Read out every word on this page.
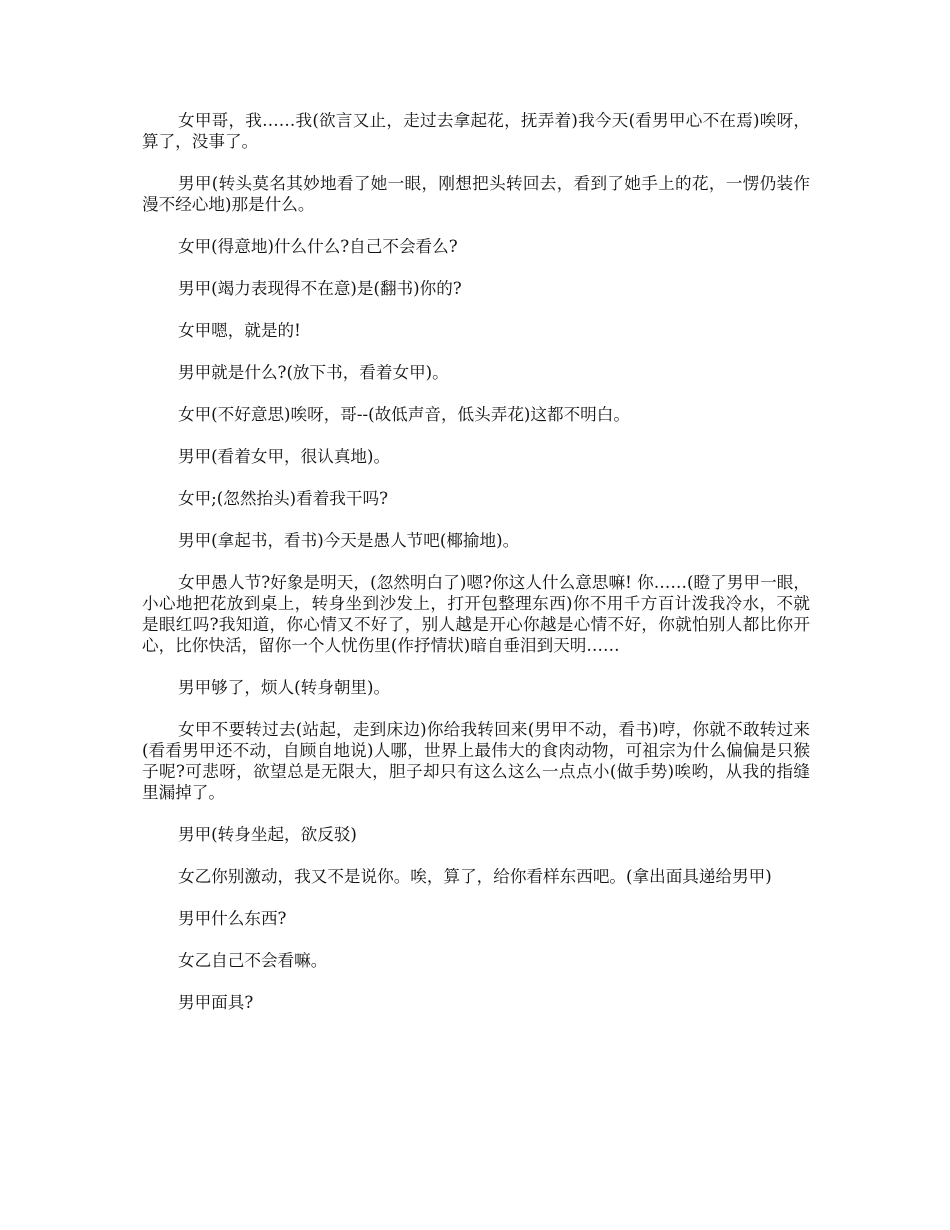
女甲哥，我……我(欲言又止，走过去拿起花，抚弄着)我今天(看男甲心不在焉)唉呀，算了，没事了。

男甲(转头莫名其妙地看了她一眼，刚想把头转回去，看到了她手上的花，一愣仍装作漫不经心地)那是什么。

女甲(得意地)什么什么?自己不会看么?

男甲(竭力表现得不在意)是(翻书)你的?

女甲嗯，就是的!

男甲就是什么?(放下书，看着女甲)。

女甲(不好意思)唉呀，哥--(故低声音，低头弄花)这都不明白。

男甲(看着女甲，很认真地)。

女甲;(忽然抬头)看着我干吗?

男甲(拿起书，看书)今天是愚人节吧(椰揄地)。

女甲愚人节?好象是明天，(忽然明白了)嗯?你这人什么意思嘛! 你……(瞪了男甲一眼，小心地把花放到桌上，转身坐到沙发上，打开包整理东西)你不用千方百计泼我冷水，不就是眼红吗?我知道，你心情又不好了，别人越是开心你越是心情不好，你就怕别人都比你开心，比你快活，留你一个人忧伤里(作抒情状)暗自垂泪到天明……

男甲够了，烦人(转身朝里)。

女甲不要转过去(站起，走到床边)你给我转回来(男甲不动，看书)哼，你就不敢转过来(看看男甲还不动，自顾自地说)人哪，世界上最伟大的食肉动物，可祖宗为什么偏偏是只猴子呢?可悲呀，欲望总是无限大，胆子却只有这么这么一点点小(做手势)唉哟，从我的指缝里漏掉了。

男甲(转身坐起，欲反驳)

女乙你别激动，我又不是说你。唉，算了，给你看样东西吧。(拿出面具递给男甲)

男甲什么东西?

女乙自己不会看嘛。

男甲面具?
